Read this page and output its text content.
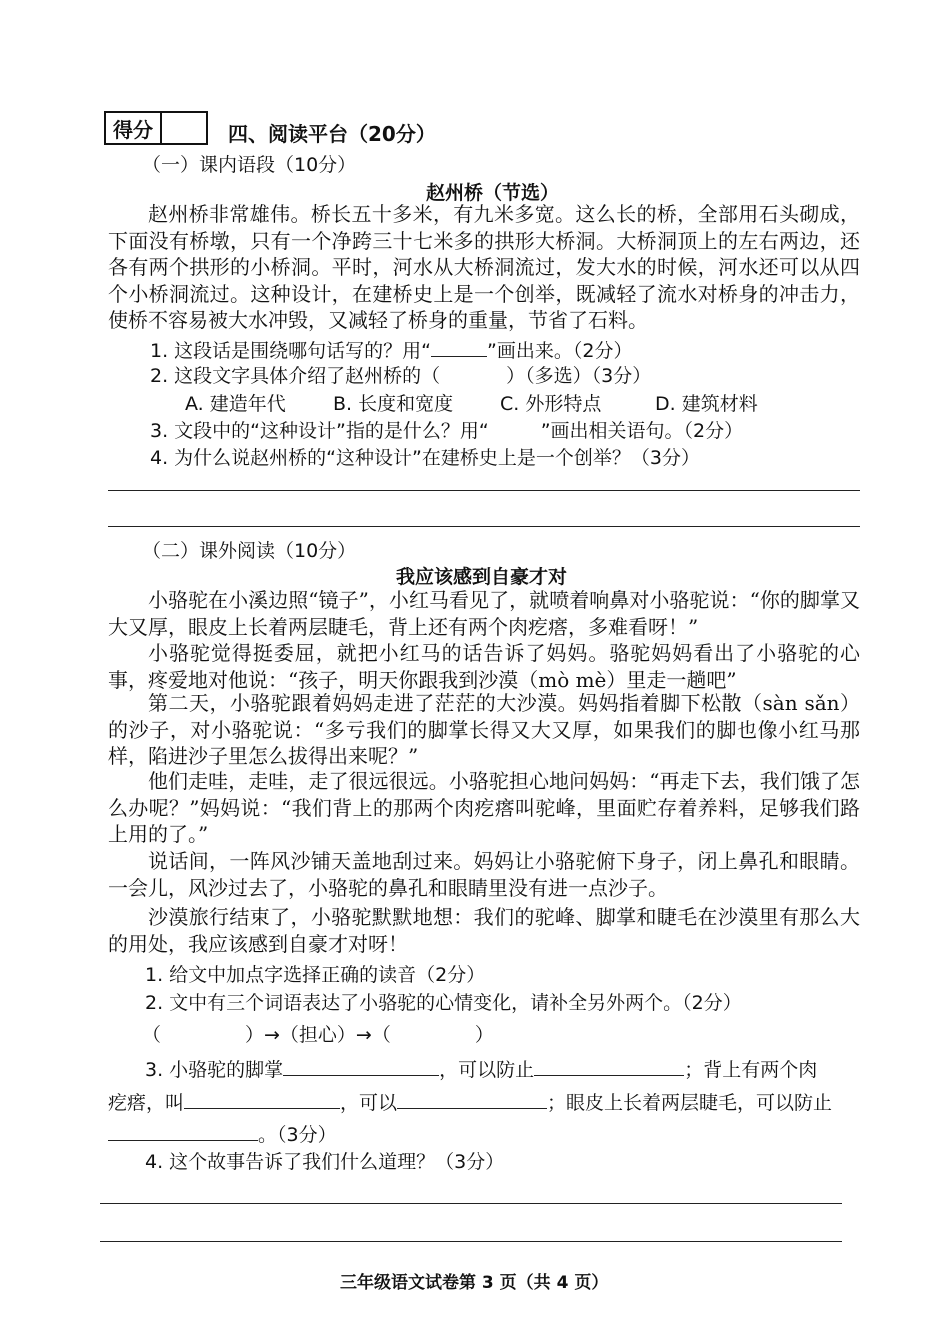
得分	四、阅读平台（20分）
（一）课内语段（10分）
赵州桥（节选）
赵州桥非常雄伟。桥长五十多米，有九米多宽。这么长的桥，全部用石头砌成，下面没有桥墩，只有一个净跨三十七米多的拱形大桥洞。大桥洞顶上的左右两边，还各有两个拱形的小桥洞。平时，河水从大桥洞流过，发大水的时候，河水还可以从四个小桥洞流过。这种设计，在建桥史上是一个创举，既减轻了流水对桥身的冲击力，使桥不容易被大水冲毁，又减轻了桥身的重量，节省了石料。
1. 这段话是围绕哪句话写的？用“	”画出来。（2分）
2. 这段文字具体介绍了赵州桥的（	）（多选）（3分）
A. 建造年代 B. 长度和宽度 C. 外形特点	D. 建筑材料
3. 文段中的“这种设计”指的是什么？用“	”画出相关语句。（2分）
4. 为什么说赵州桥的“这种设计”在建桥史上是一个创举？（3分）
（二）课外阅读（10分）
我应该感到自豪才对
小骆驼在小溪边照“镜子”，小红马看见了，就喷着响鼻对小骆驼说：“你的脚掌又大又厚，眼皮上长着两层睫毛，背上还有两个肉疙瘩，多难看呀！”
小骆驼觉得挺委屈，就把小红马的话告诉了妈妈。骆驼妈妈看出了小骆驼的心事，疼爱地对他说：“孩子，明天你跟我到沙漠（mò mè）里走一趟吧”
第二天，小骆驼跟着妈妈走进了茫茫的大沙漠。妈妈指着脚下松散（sàn sǎn）的沙子，对小骆驼说：“多亏我们的脚掌长得又大又厚，如果我们的脚也像小红马那样，陷进沙子里怎么拔得出来呢？”
他们走哇，走哇，走了很远很远。小骆驼担心地问妈妈：“再走下去，我们饿了怎么办呢？”妈妈说：“我们背上的那两个肉疙瘩叫驼峰，里面贮存着养料，足够我们路上用的了。”
说话间，一阵风沙铺天盖地刮过来。妈妈让小骆驼俯下身子，闭上鼻孔和眼睛。一会儿，风沙过去了，小骆驼的鼻孔和眼睛里没有进一点沙子。
沙漠旅行结束了，小骆驼默默地想：我们的驼峰、脚掌和睫毛在沙漠里有那么大的用处，我应该感到自豪才对呀！
1. 给文中加点字选择正确的读音（2分）
2. 文中有三个词语表达了小骆驼的心情变化，请补全另外两个。（2分）
（	）→（担心）→（	）
3. 小骆驼的脚掌	，可以防止	；背上有两个肉
疙瘩，叫	，可以	；眼皮上长着两层睫毛，可以防止
。（3分）
4. 这个故事告诉了我们什么道理？（3分）
三年级语文试卷第 3 页（共 4 页）
